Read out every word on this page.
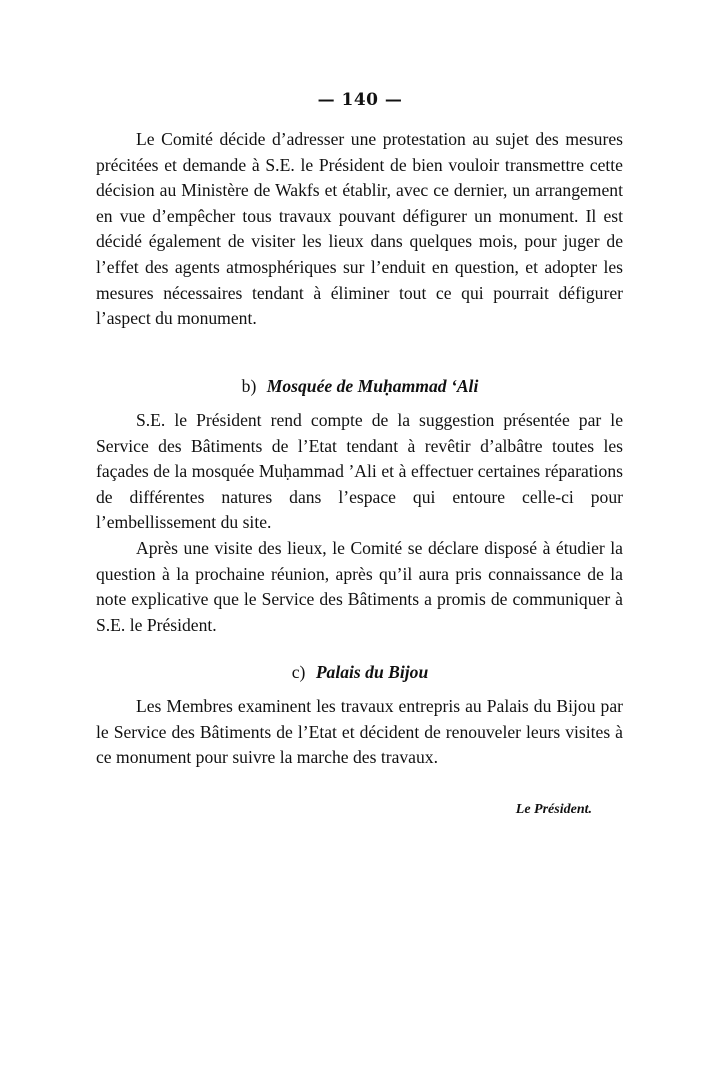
— 140 —

Le Comité décide d’adresser une protestation au sujet des mesures précitées et demande à S.E. le Président de bien vouloir transmettre cette décision au Ministère de Wakfs et établir, avec ce dernier, un arrangement en vue d’empêcher tous travaux pouvant défigurer un monument. Il est décidé également de visiter les lieux dans quelques mois, pour juger de l’effet des agents atmosphériques sur l’enduit en question, et adopter les mesures nécessaires tendant à éliminer tout ce qui pourrait défigurer l’aspect du monument.

b) Mosquée de Muḥammad ‘Ali

S.E. le Président rend compte de la suggestion présentée par le Service des Bâtiments de l’Etat tendant à revêtir d’albâtre toutes les façades de la mosquée Muḥammad ’Ali et à effectuer certaines réparations de différentes natures dans l’espace qui entoure celle-ci pour l’embellissement du site.

Après une visite des lieux, le Comité se déclare disposé à étudier la question à la prochaine réunion, après qu’il aura pris connaissance de la note explicative que le Service des Bâtiments a promis de communiquer à S.E. le Président.

c) Palais du Bijou

Les Membres examinent les travaux entrepris au Palais du Bijou par le Service des Bâtiments de l’Etat et décident de renouveler leurs visites à ce monument pour suivre la marche des travaux.

Le Président.
